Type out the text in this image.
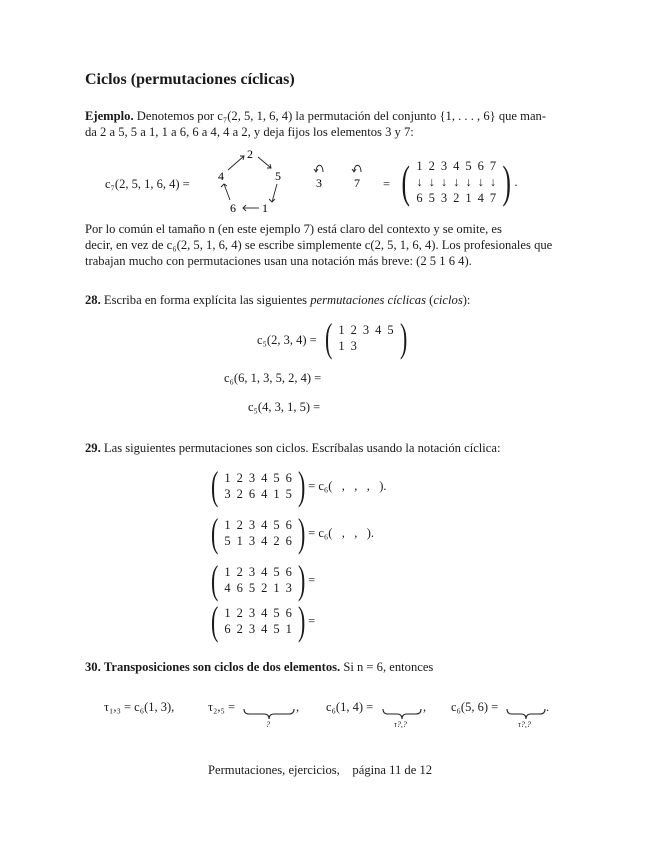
Ciclos (permutaciones cíclicas)
Ejemplo. Denotemos por c₇(2, 5, 1, 6, 4) la permutación del conjunto {1, . . . , 6} que man-
da 2 a 5, 5 a 1, 1 a 6, 6 a 4, 4 a 2, y deja fijos los elementos 3 y 7:
c₇(2, 5, 1, 6, 4) =
2
5
1
6
4	3	7 = ( 1	2	3	4	5	6	7
↓	↓	↓	↓	↓	↓	↓
6	5	3	2	1	4	7 ) .
Por lo común el tamaño n (en este ejemplo 7) está claro del contexto y se omite, es
decir, en vez de c₆(2, 5, 1, 6, 4) se escribe simplemente c(2, 5, 1, 6, 4). Los profesionales que
trabajan mucho con permutaciones usan una notación más breve: (2 5 1 6 4).
28. Escriba en forma explícita las siguientes permutaciones cíclicas (ciclos):
c₅(2, 3, 4) = ( 1	2	3	4	5
1	3			)
c₆(6, 1, 3, 5, 2, 4) =
c₅(4, 3, 1, 5) =
29. Las siguientes permutaciones son ciclos. Escríbalas usando la notación cíclica:
( 1	2	3	4	5	6
3	2	6	4	1	5 ) = c₆(   ,   ,   ,   ).
( 1	2	3	4	5	6
5	1	3	4	2	6 ) = c₆(   ,   ,   ).
( 1	2	3	4	5	6
4	6	5	2	1	3 ) =
( 1	2	3	4	5	6
6	2	3	4	5	1 ) =
30. Transposiciones son ciclos de dos elementos. Si n = 6, entonces
τ₁,₃ = c₆(1, 3),	τ₂,₅ =
?
, c₆(1, 4) =
τ?,?
, c₆(5, 6) =
τ?,?
.
Permutaciones, ejercicios,    página 11 de 12
